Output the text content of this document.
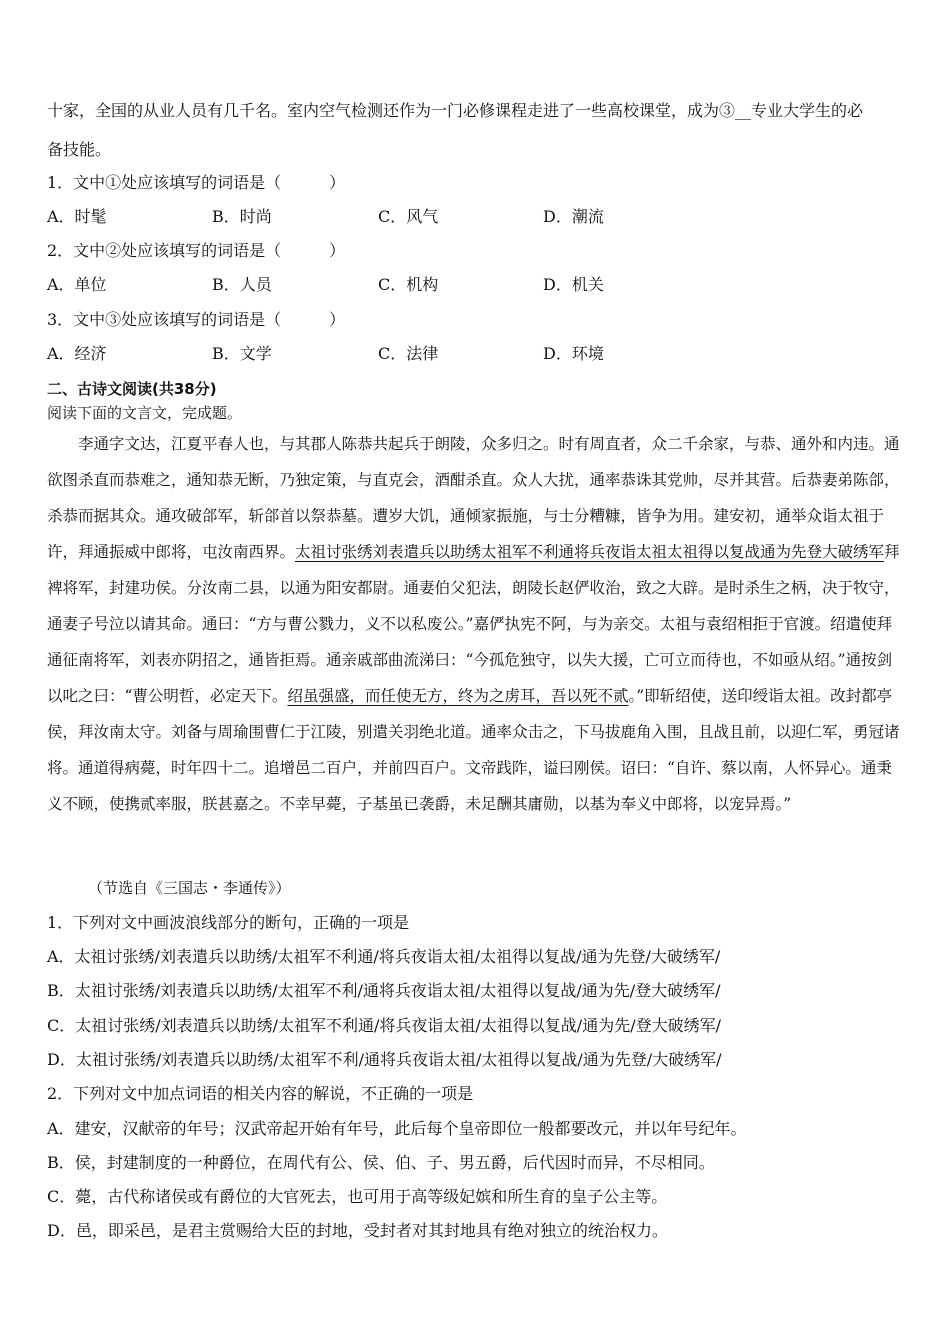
十家，全国的从业人员有几千名。室内空气检测还作为一门必修课程走进了一些高校课堂，成为③__专业大学生的必
备技能。
1．文中①处应该填写的词语是（　　　）
A．时髦	B．时尚	C．风气	D．潮流
2．文中②处应该填写的词语是（　　　）
A．单位	B．人员	C．机构	D．机关
3．文中③处应该填写的词语是（　　　）
A．经济	B．文学	C．法律	D．环境
二、古诗文阅读(共38分)
阅读下面的文言文，完成题。

李通字文达，江夏平春人也，与其郡人陈恭共起兵于朗陵，众多归之。时有周直者，众二千余家，与恭、通外和内违。通欲图杀直而恭难之，通知恭无断，乃独定策，与直克会，酒酣杀直。众人大扰，通率恭诛其党帅，尽并其营。后恭妻弟陈郃，杀恭而据其众。通攻破郃军，斩郃首以祭恭墓。遭岁大饥，通倾家振施，与士分糟糠，皆争为用。建安初，通举众诣太祖于许，拜通振威中郎将，屯汝南西界。太祖讨张绣刘表遣兵以助绣太祖军不利通将兵夜诣太祖太祖得以复战通为先登大破绣军拜裨将军，封建功侯。分汝南二县，以通为阳安都尉。通妻伯父犯法，朗陵长赵俨收治，致之大辟。是时杀生之柄，决于牧守，通妻子号泣以请其命。通曰：“方与曹公戮力，义不以私废公。”嘉俨执宪不阿，与为亲交。太祖与袁绍相拒于官渡。绍遣使拜通征南将军，刘表亦阴招之，通皆拒焉。通亲戚部曲流涕曰：“今孤危独守，以失大援，亡可立而待也，不如亟从绍。”通按剑以叱之曰：“曹公明哲，必定天下。绍虽强盛，而任使无方，终为之虏耳，吾以死不贰。”即斩绍使，送印绶诣太祖。改封都亭侯，拜汝南太守。刘备与周瑜围曹仁于江陵，别遣关羽绝北道。通率众击之，下马拔鹿角入围，且战且前，以迎仁军，勇冠诸将。通道得病薨，时年四十二。追增邑二百户，并前四百户。文帝践阼，谥曰刚侯。诏曰：“自许、蔡以南，人怀异心。通秉义不顾，使携贰率服，朕甚嘉之。不幸早薨，子基虽已袭爵，未足酬其庸勋，以基为奉义中郎将，以宠异焉。”

（节选自《三国志・李通传》）
1．下列对文中画波浪线部分的断句，正确的一项是
A．太祖讨张绣/刘表遣兵以助绣/太祖军不利通/将兵夜诣太祖/太祖得以复战/通为先登/大破绣军/
B．太祖讨张绣/刘表遣兵以助绣/太祖军不利/通将兵夜诣太祖/太祖得以复战/通为先/登大破绣军/
C．太祖讨张绣/刘表遣兵以助绣/太祖军不利通/将兵夜诣太祖/太祖得以复战/通为先/登大破绣军/
D．太祖讨张绣/刘表遣兵以助绣/太祖军不利/通将兵夜诣太祖/太祖得以复战/通为先登/大破绣军/
2．下列对文中加点词语的相关内容的解说，不正确的一项是
A．建安，汉献帝的年号；汉武帝起开始有年号，此后每个皇帝即位一般都要改元，并以年号纪年。
B．侯，封建制度的一种爵位，在周代有公、侯、伯、子、男五爵，后代因时而异，不尽相同。
C．薨，古代称诸侯或有爵位的大官死去，也可用于高等级妃嫔和所生育的皇子公主等。
D．邑，即采邑，是君主赏赐给大臣的封地，受封者对其封地具有绝对独立的统治权力。
